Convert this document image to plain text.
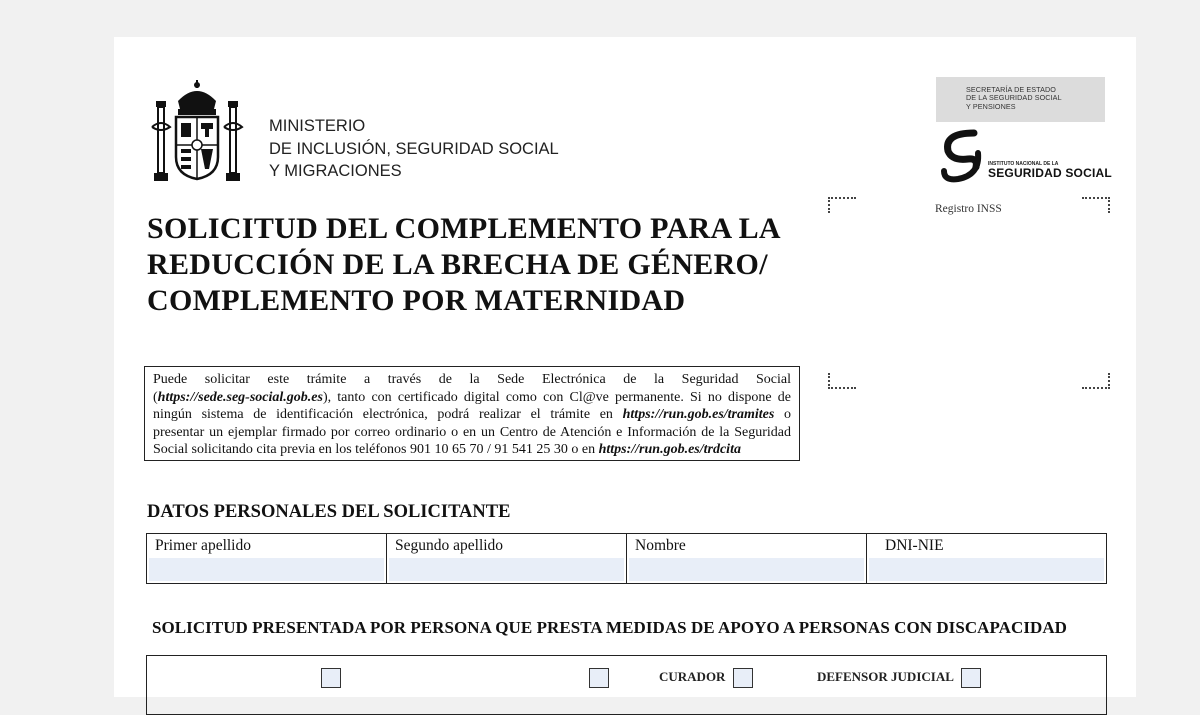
MINISTERIO
DE INCLUSIÓN, SEGURIDAD SOCIAL
Y MIGRACIONES
SECRETARÍA DE ESTADO
DE LA SEGURIDAD SOCIAL
Y PENSIONES
INSTITUTO NACIONAL DE LA
SEGURIDAD SOCIAL
Registro INSS
SOLICITUD DEL COMPLEMENTO PARA LA
REDUCCIÓN DE LA BRECHA DE GÉNERO/
COMPLEMENTO POR MATERNIDAD
Puede solicitar este trámite a través de la Sede Electrónica de la Seguridad Social
(https://sede.seg-social.gob.es), tanto con certificado digital como con Cl@ve permanente. Si no dispone de
ningún sistema de identificación electrónica, podrá realizar el trámite en https://run.gob.es/tramites o
presentar un ejemplar firmado por correo ordinario o en un Centro de Atención e Información de la Seguridad
Social solicitando cita previa en los teléfonos 901 10 65 70 / 91 541 25 30 o en https://run.gob.es/trdcita
DATOS PERSONALES DEL SOLICITANTE
Primer apellido	Segundo apellido	Nombre	DNI-NIE
SOLICITUD PRESENTADA POR PERSONA QUE PRESTA MEDIDAS DE APOYO A PERSONAS CON DISCAPACIDAD
CURADOR	DEFENSOR JUDICIAL
